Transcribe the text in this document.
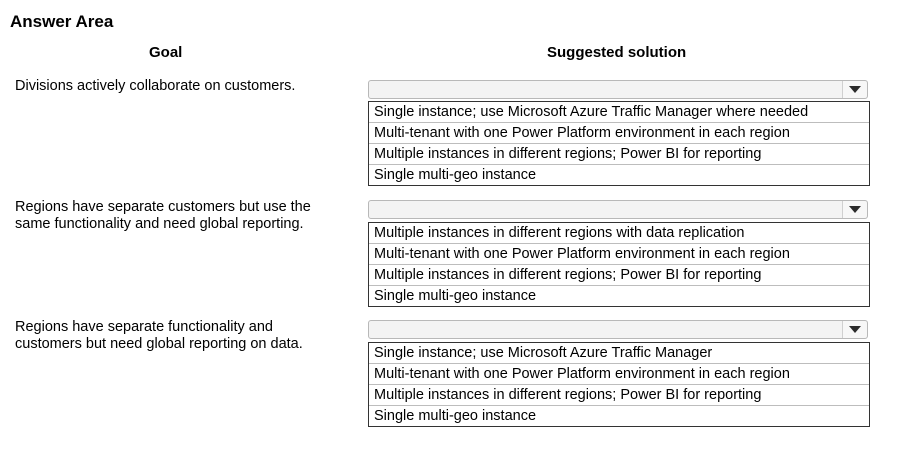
Answer Area
Goal	Suggested solution
Divisions actively collaborate on customers.
Single instance; use Microsoft Azure Traffic Manager where needed
Multi-tenant with one Power Platform environment in each region
Multiple instances in different regions; Power BI for reporting
Single multi-geo instance
Regions have separate customers but use the
same functionality and need global reporting.
Multiple instances in different regions with data replication
Multi-tenant with one Power Platform environment in each region
Multiple instances in different regions; Power BI for reporting
Single multi-geo instance
Regions have separate functionality and
customers but need global reporting on data.
Single instance; use Microsoft Azure Traffic Manager
Multi-tenant with one Power Platform environment in each region
Multiple instances in different regions; Power BI for reporting
Single multi-geo instance
